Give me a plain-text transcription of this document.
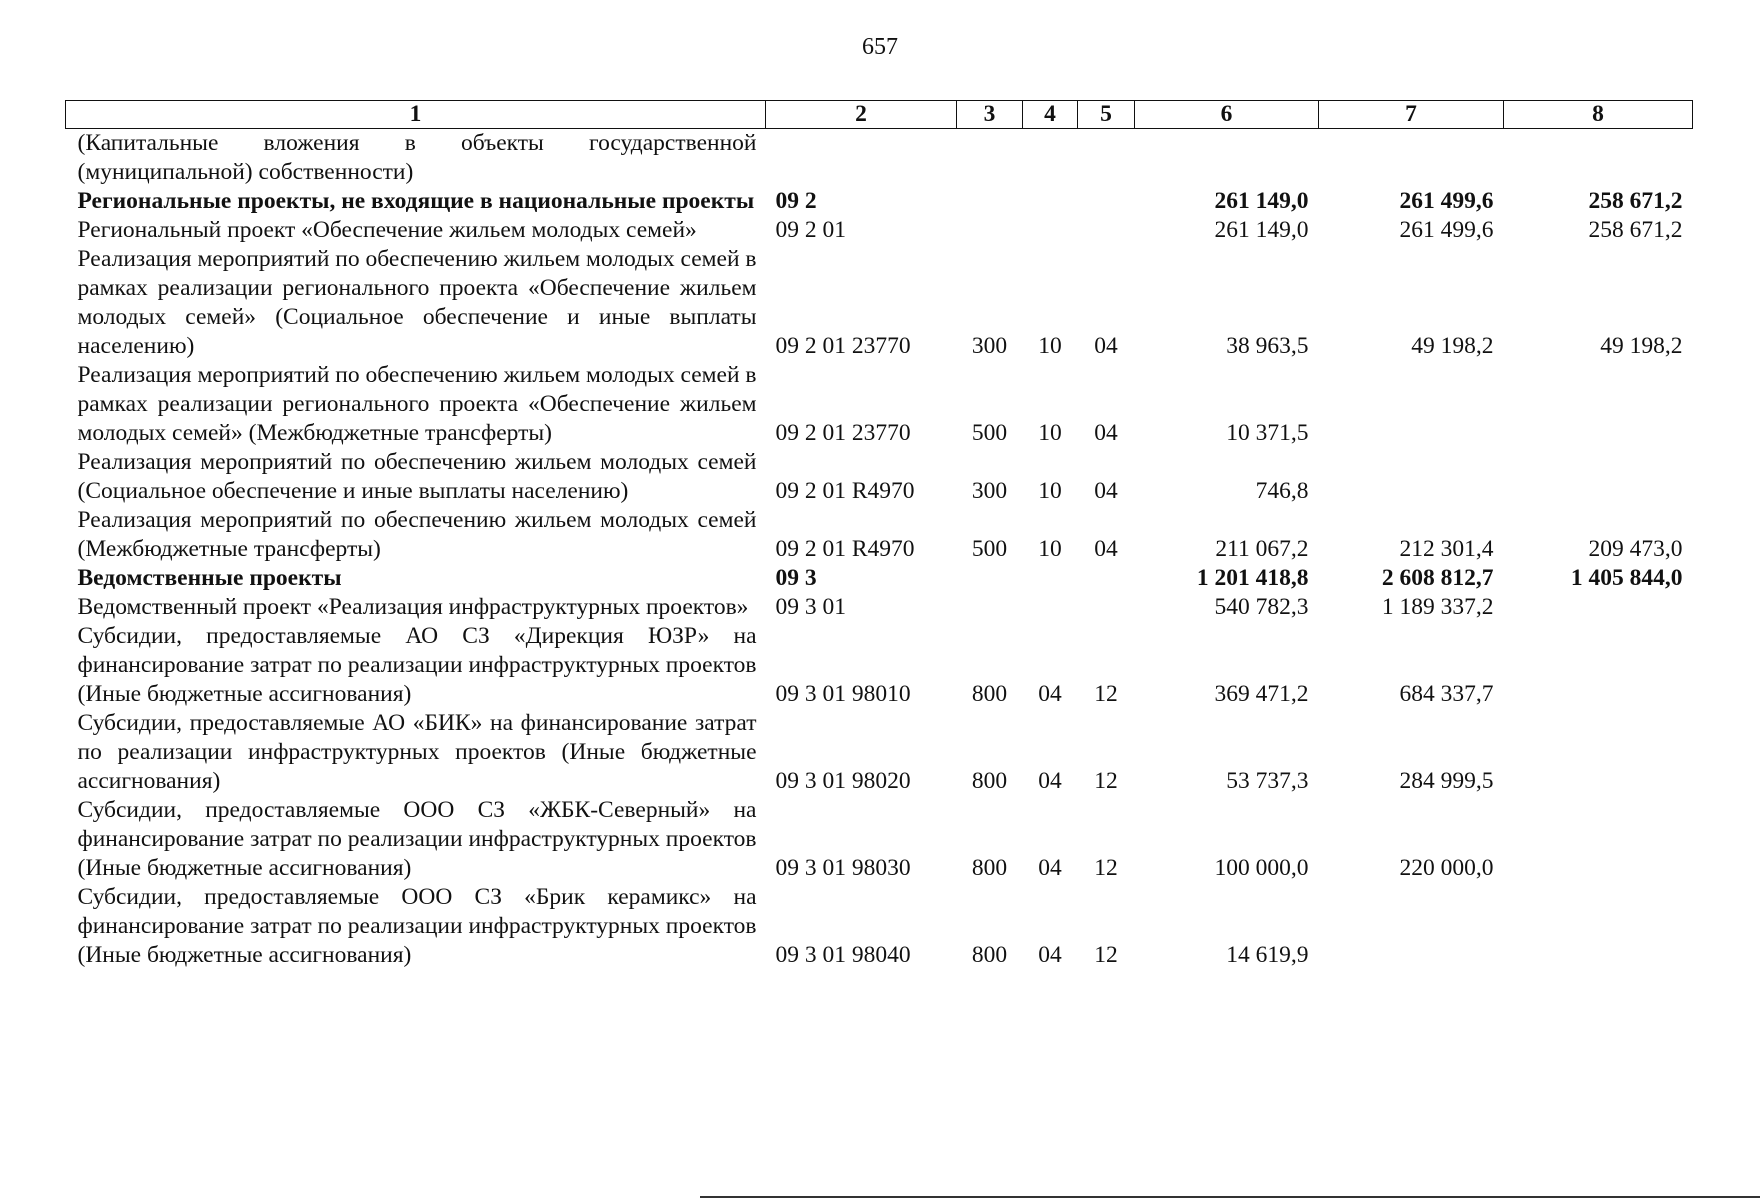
657
1	2	3	4	5	6	7	8
(Капитальные вложения в объекты государственной (муниципальной) собственности)							
Региональные проекты, не входящие в национальные проекты	09 2				261 149,0	261 499,6	258 671,2
Региональный проект «Обеспечение жильем молодых семей»	09 2 01				261 149,0	261 499,6	258 671,2
Реализация мероприятий по обеспечению жильем молодых семей в рамках реализации регионального проекта «Обеспечение жильем молодых семей» (Социальное обеспечение и иные выплаты населению)	09 2 01 23770	300	10	04	38 963,5	49 198,2	49 198,2
Реализация мероприятий по обеспечению жильем молодых семей в рамках реализации регионального проекта «Обеспечение жильем молодых семей» (Межбюджетные трансферты)	09 2 01 23770	500	10	04	10 371,5		
Реализация мероприятий по обеспечению жильем молодых семей (Социальное обеспечение и иные выплаты населению)	09 2 01 R4970	300	10	04	746,8		
Реализация мероприятий по обеспечению жильем молодых семей (Межбюджетные трансферты)	09 2 01 R4970	500	10	04	211 067,2	212 301,4	209 473,0
Ведомственные проекты	09 3				1 201 418,8	2 608 812,7	1 405 844,0
Ведомственный проект «Реализация инфраструктурных проектов»	09 3 01				540 782,3	1 189 337,2	
Субсидии, предоставляемые АО СЗ «Дирекция ЮЗР» на финансирование затрат по реализации инфраструктурных проектов (Иные бюджетные ассигнования)	09 3 01 98010	800	04	12	369 471,2	684 337,7	
Субсидии, предоставляемые АО «БИК» на финансирование затрат по реализации инфраструктурных проектов (Иные бюджетные ассигнования)	09 3 01 98020	800	04	12	53 737,3	284 999,5	
Субсидии, предоставляемые ООО СЗ «ЖБК-Северный» на финансирование затрат по реализации инфраструктурных проектов (Иные бюджетные ассигнования)	09 3 01 98030	800	04	12	100 000,0	220 000,0	
Субсидии, предоставляемые ООО СЗ «Брик керамикс» на финансирование затрат по реализации инфраструктурных проектов (Иные бюджетные ассигнования)	09 3 01 98040	800	04	12	14 619,9		
